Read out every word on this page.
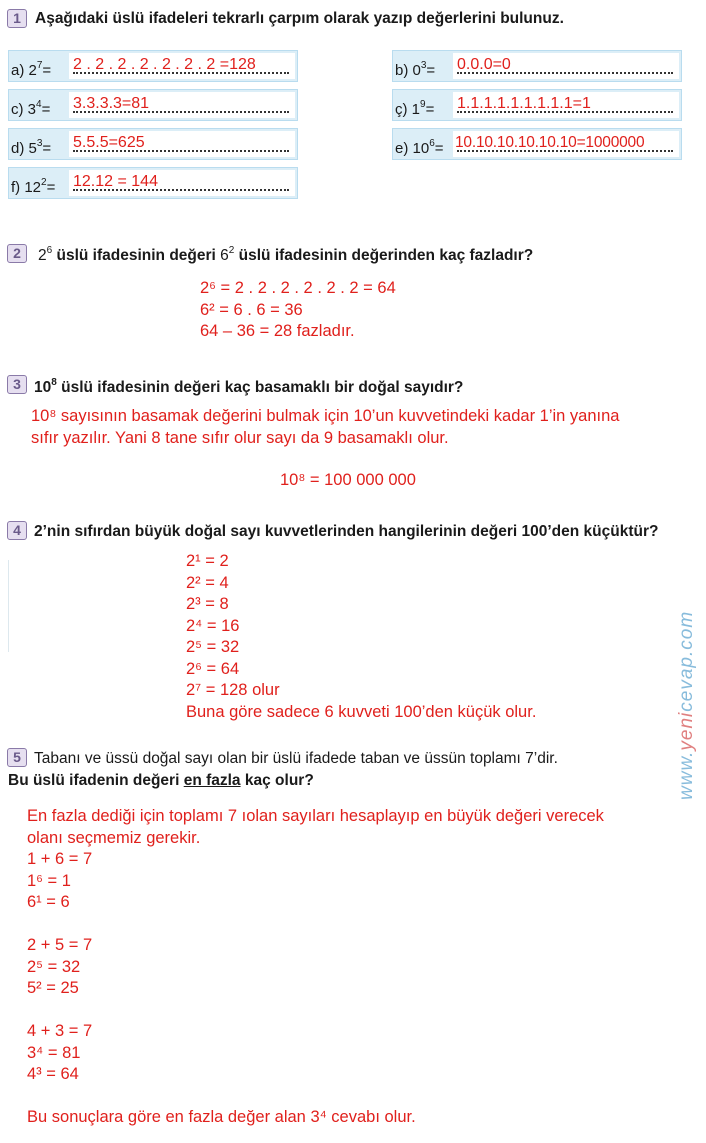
1 Aşağıdaki üslü ifadeleri tekrarlı çarpım olarak yazıp değerlerini bulunuz.
a) $2^7= 2$ . 2 . 2 . 2 . 2 . 2 . 2 =128	b) $0^3= 0.0.0=0$
c) $3^4= 3.3.3.3=81$	ç) $1^9= 1.1.1.1.1.1.1.1.1=1$
d) $5^3= 5.5.5=625$	e) $10^6= 10.10.10.10.10.10=1000000$
f) $12^2= 12.12 = 144$
2	$2^6$ üslü ifadesinin değeri $6^2$ üslü ifadesinin değerinden kaç fazladır?
2⁶ = 2 . 2 . 2 . 2 . 2 . 2 = 64
6² = 6 . 6 = 36
64 – 36 = 28 fazladır.
3 $10^8$ üslü ifadesinin değeri kaç basamaklı bir doğal sayıdır?
10⁸ sayısının basamak değerini bulmak için 10’un kuvvetindeki kadar 1’in yanına
sıfır yazılır. Yani 8 tane sıfır olur sayı da 9 basamaklı olur.
10⁸ = 100 000 000
4 2’nin sıfırdan büyük doğal sayı kuvvetlerinden hangilerinin değeri 100’den küçüktür?
2¹ = 2
2² = 4
2³ = 8
2⁴ = 16
2⁵ = 32
2⁶ = 64
2⁷ = 128 olur
Buna göre sadece 6 kuvveti 100’den küçük olur.
5 Tabanı ve üssü doğal sayı olan bir üslü ifadede taban ve üssün toplamı 7’dir.
Bu üslü ifadenin değeri en fazla kaç olur?
En fazla dediği için toplamı 7 ıolan sayıları hesaplayıp en büyük değeri verecek
olanı seçmemiz gerekir.
1 + 6 = 7
1⁶ = 1
6¹ = 6
2 + 5 = 7
2⁵ = 32
5² = 25
4 + 3 = 7
3⁴ = 81
4³ = 64
Bu sonuçlara göre en fazla değer alan 3⁴ cevabı olur.
www.yenicevap.com
